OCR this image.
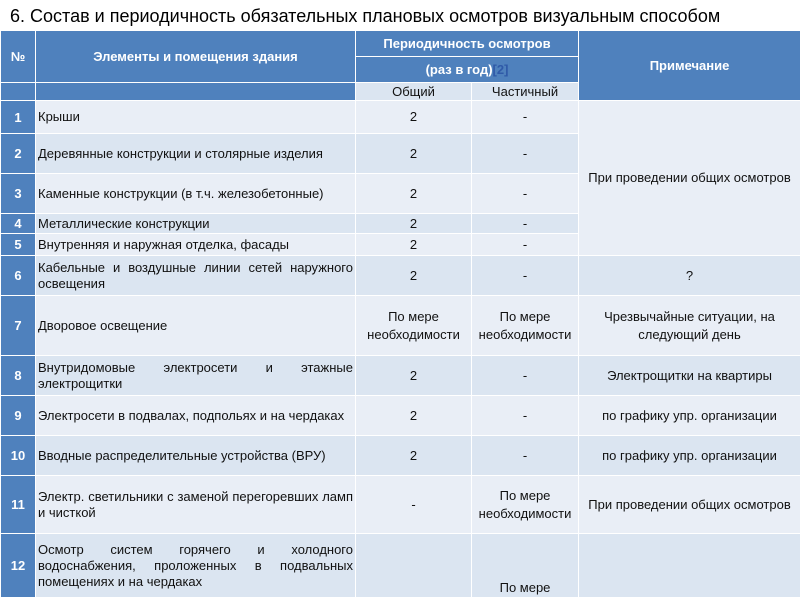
6. Состав и периодичность обязательных плановых осмотров визуальным способом
№	Элементы и помещения здания	Периодичность осмотров		Примечание
		(раз в год)[2]		
		Общий	Частичный	
1	Крыши	2	-	При проведении общих осмотров
2	Деревянные конструкции и столярные изделия	2	-	
3	Каменные конструкции (в т.ч. железобетонные)	2	-	
4	Металлические конструкции	2	-	
5	Внутренняя и наружная отделка, фасады	2	-	
6	Кабельные и воздушные линии сетей наружного освещения	2	-	?
7	Дворовое освещение	По мере необходимости	По мере необходимости	Чрезвычайные ситуации, на следующий день
8	Внутридомовые электросети и этажные электрощитки	2	-	Электрощитки на квартиры
9	Электросети в подвалах, подпольях и на чердаках	2	-	по графику упр. организации
10	Вводные распределительные устройства (ВРУ)	2	-	по графику упр. организации
11	Электр. светильники с заменой перегоревших ламп и чисткой	-	По мере необходимости	При проведении общих осмотров
12	Осмотр систем горячего и холодного водоснабжения, проложенных в подвальных помещениях и на чердаках		По мере	
